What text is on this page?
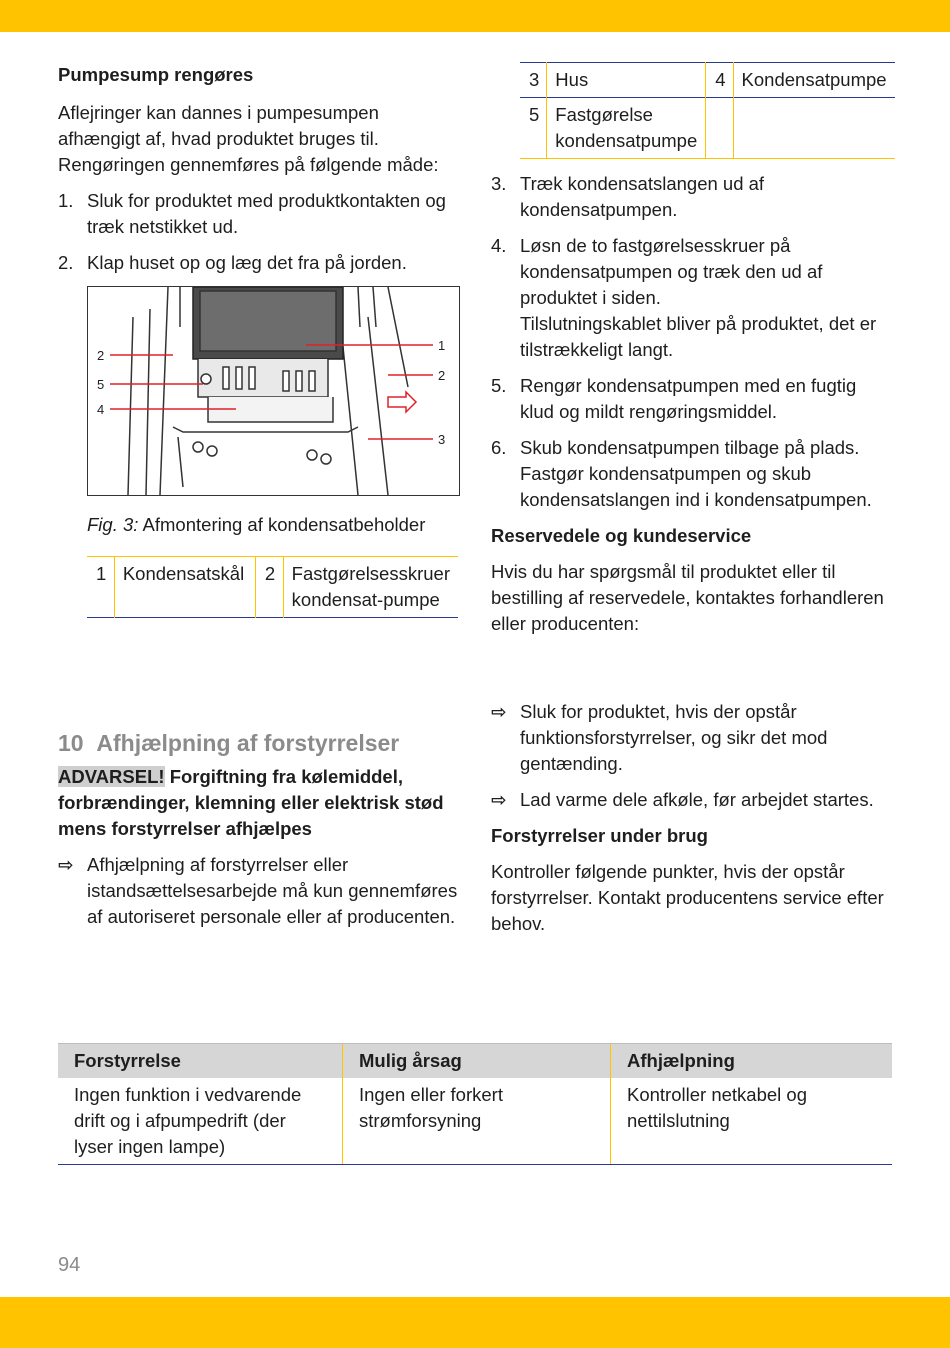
Pumpesump rengøres

Aflejringer kan dannes i pumpesumpen afhængigt af, hvad produktet bruges til. Rengøringen gennemføres på følgende måde:

1. Sluk for produktet med produktkontakten og træk netstikket ud.
2. Klap huset op og læg det fra på jorden.
2
5
4
1
2
3
Fig. 3: Afmontering af kondensatbeholder
1	Kondensatskål	2	Fastgørelsesskruer kondensat-pumpe
3	Hus	4	Kondensatpumpe
5	Fastgørelse kondensatpumpe		
3. Træk kondensatslangen ud af kondensatpumpen.
4. Løsn de to fastgørelsesskruer på kondensatpumpen og træk den ud af produktet i siden.
Tilslutningskablet bliver på produktet, det er tilstrækkeligt langt.
5. Rengør kondensatpumpen med en fugtig klud og mildt rengøringsmiddel.
6. Skub kondensatpumpen tilbage på plads. Fastgør kondensatpumpen og skub kondensatslangen ind i kondensatpumpen.
Reservedele og kundeservice

Hvis du har spørgsmål til produktet eller til bestilling af reservedele, kontaktes forhandleren eller producenten:

⇨ Sluk for produktet, hvis der opstår funktionsforstyrrelser, og sikr det mod gentænding.
⇨ Lad varme dele afkøle, før arbejdet startes.
Forstyrrelser under brug

Kontroller følgende punkter, hvis der opstår forstyrrelser. Kontakt producentens service efter behov.

10 Afhjælpning af forstyrrelser
ADVARSEL! Forgiftning fra kølemiddel, forbrændinger, klemning eller elektrisk stød mens forstyrrelser afhjælpes
⇨ Afhjælpning af forstyrrelser eller istandsættelsesarbejde må kun gennemføres af autoriseret personale eller af producenten.
Forstyrrelse	Mulig årsag	Afhjælpning
Ingen funktion i vedvarende drift og i afpumpedrift (der lyser ingen lampe)	Ingen eller forkert strømforsyning	Kontroller netkabel og nettilslutning
94
